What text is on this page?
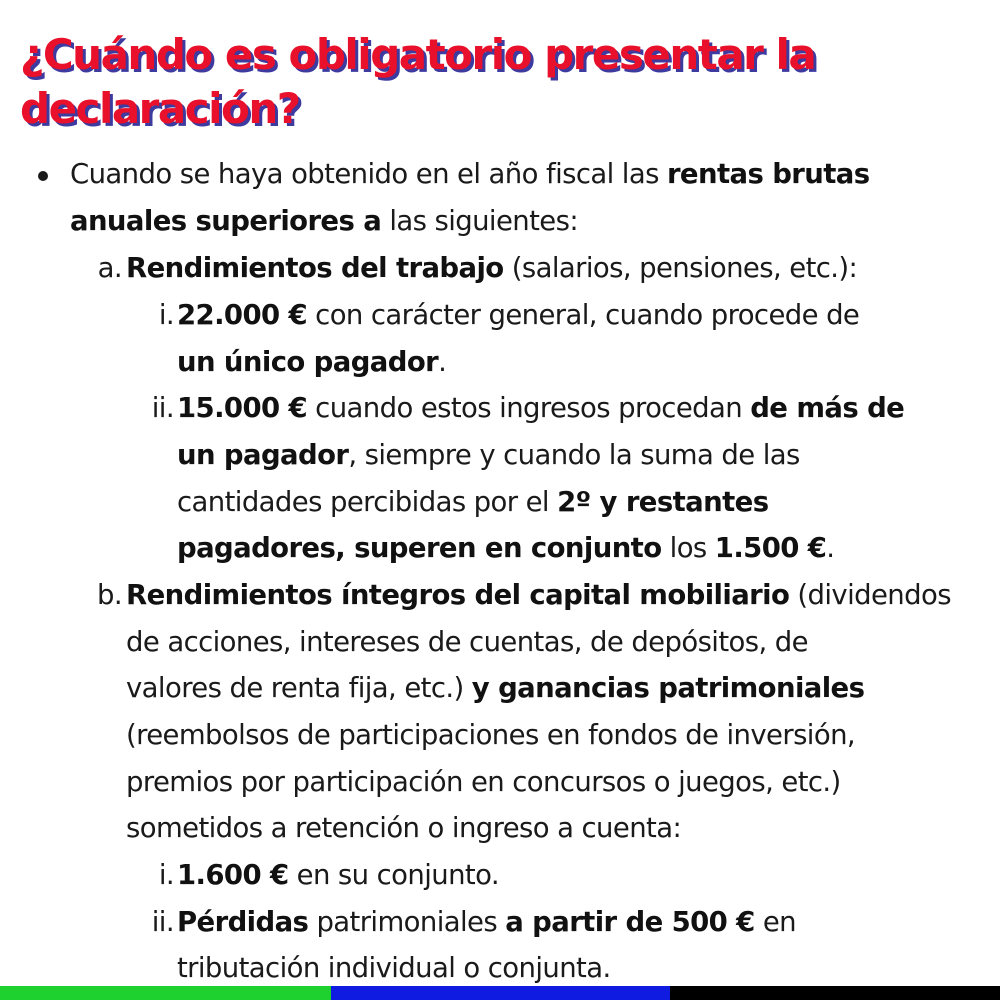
¿Cuándo es obligatorio presentar la declaración?
Cuando se haya obtenido en el año fiscal las rentas brutas
anuales superiores a las siguientes:
a. Rendimientos del trabajo (salarios, pensiones, etc.):
i. 22.000 € con carácter general, cuando procede de
un único pagador.
ii. 15.000 € cuando estos ingresos procedan de más de
un pagador, siempre y cuando la suma de las
cantidades percibidas por el 2º y restantes
pagadores, superen en conjunto los 1.500 €.
b. Rendimientos íntegros del capital mobiliario (dividendos
de acciones, intereses de cuentas, de depósitos, de
valores de renta fija, etc.) y ganancias patrimoniales
(reembolsos de participaciones en fondos de inversión,
premios por participación en concursos o juegos, etc.)
sometidos a retención o ingreso a cuenta:
i. 1.600 € en su conjunto.
ii. Pérdidas patrimoniales a partir de 500 € en
tributación individual o conjunta.
